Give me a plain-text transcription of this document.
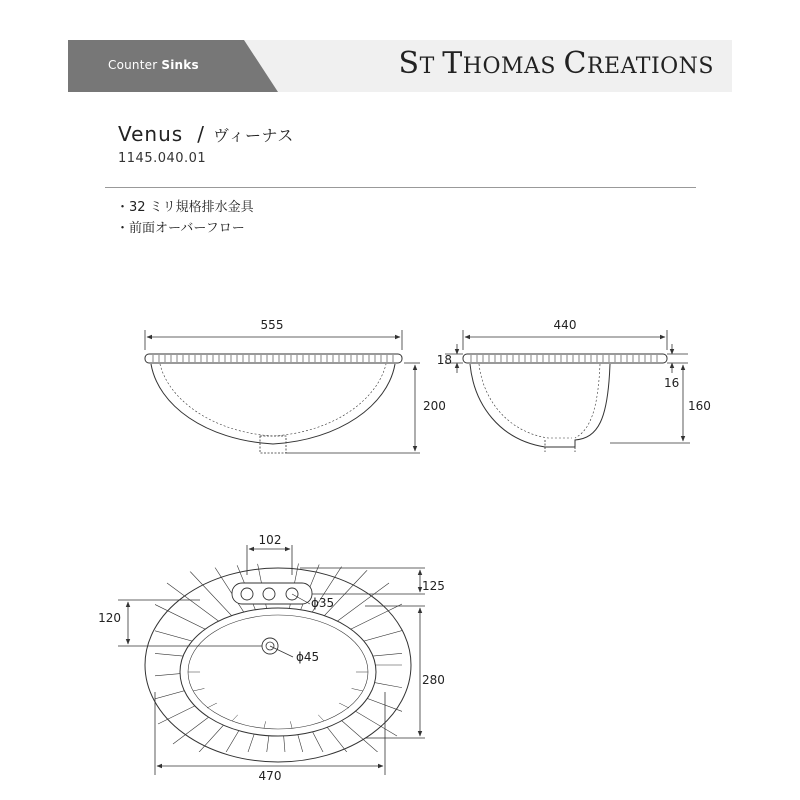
Counter Sinks	ST THOMAS CREATIONS
Venus / ヴィーナス
1145.040.01
・32 ミリ規格排水金具
・前面オーバーフロー
555
200
440
18
16
160
102
125
ϕ35
120
ϕ45
280
470
